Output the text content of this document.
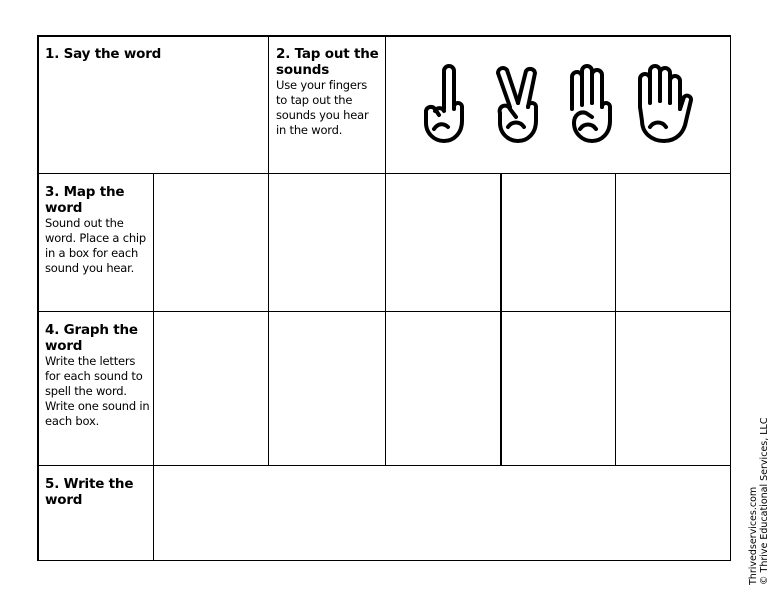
1. Say the word	2. Tap out the sounds
Use your fingers to tap out the sounds you hear in the word.
3. Map the word
Sound out the word. Place a chip in a box for each sound you hear.
4. Graph the word
Write the letters for each sound to spell the word. Write one sound in each box.
5. Write the word	Thrivedservices.com © Thrive Educational Services, LLC
